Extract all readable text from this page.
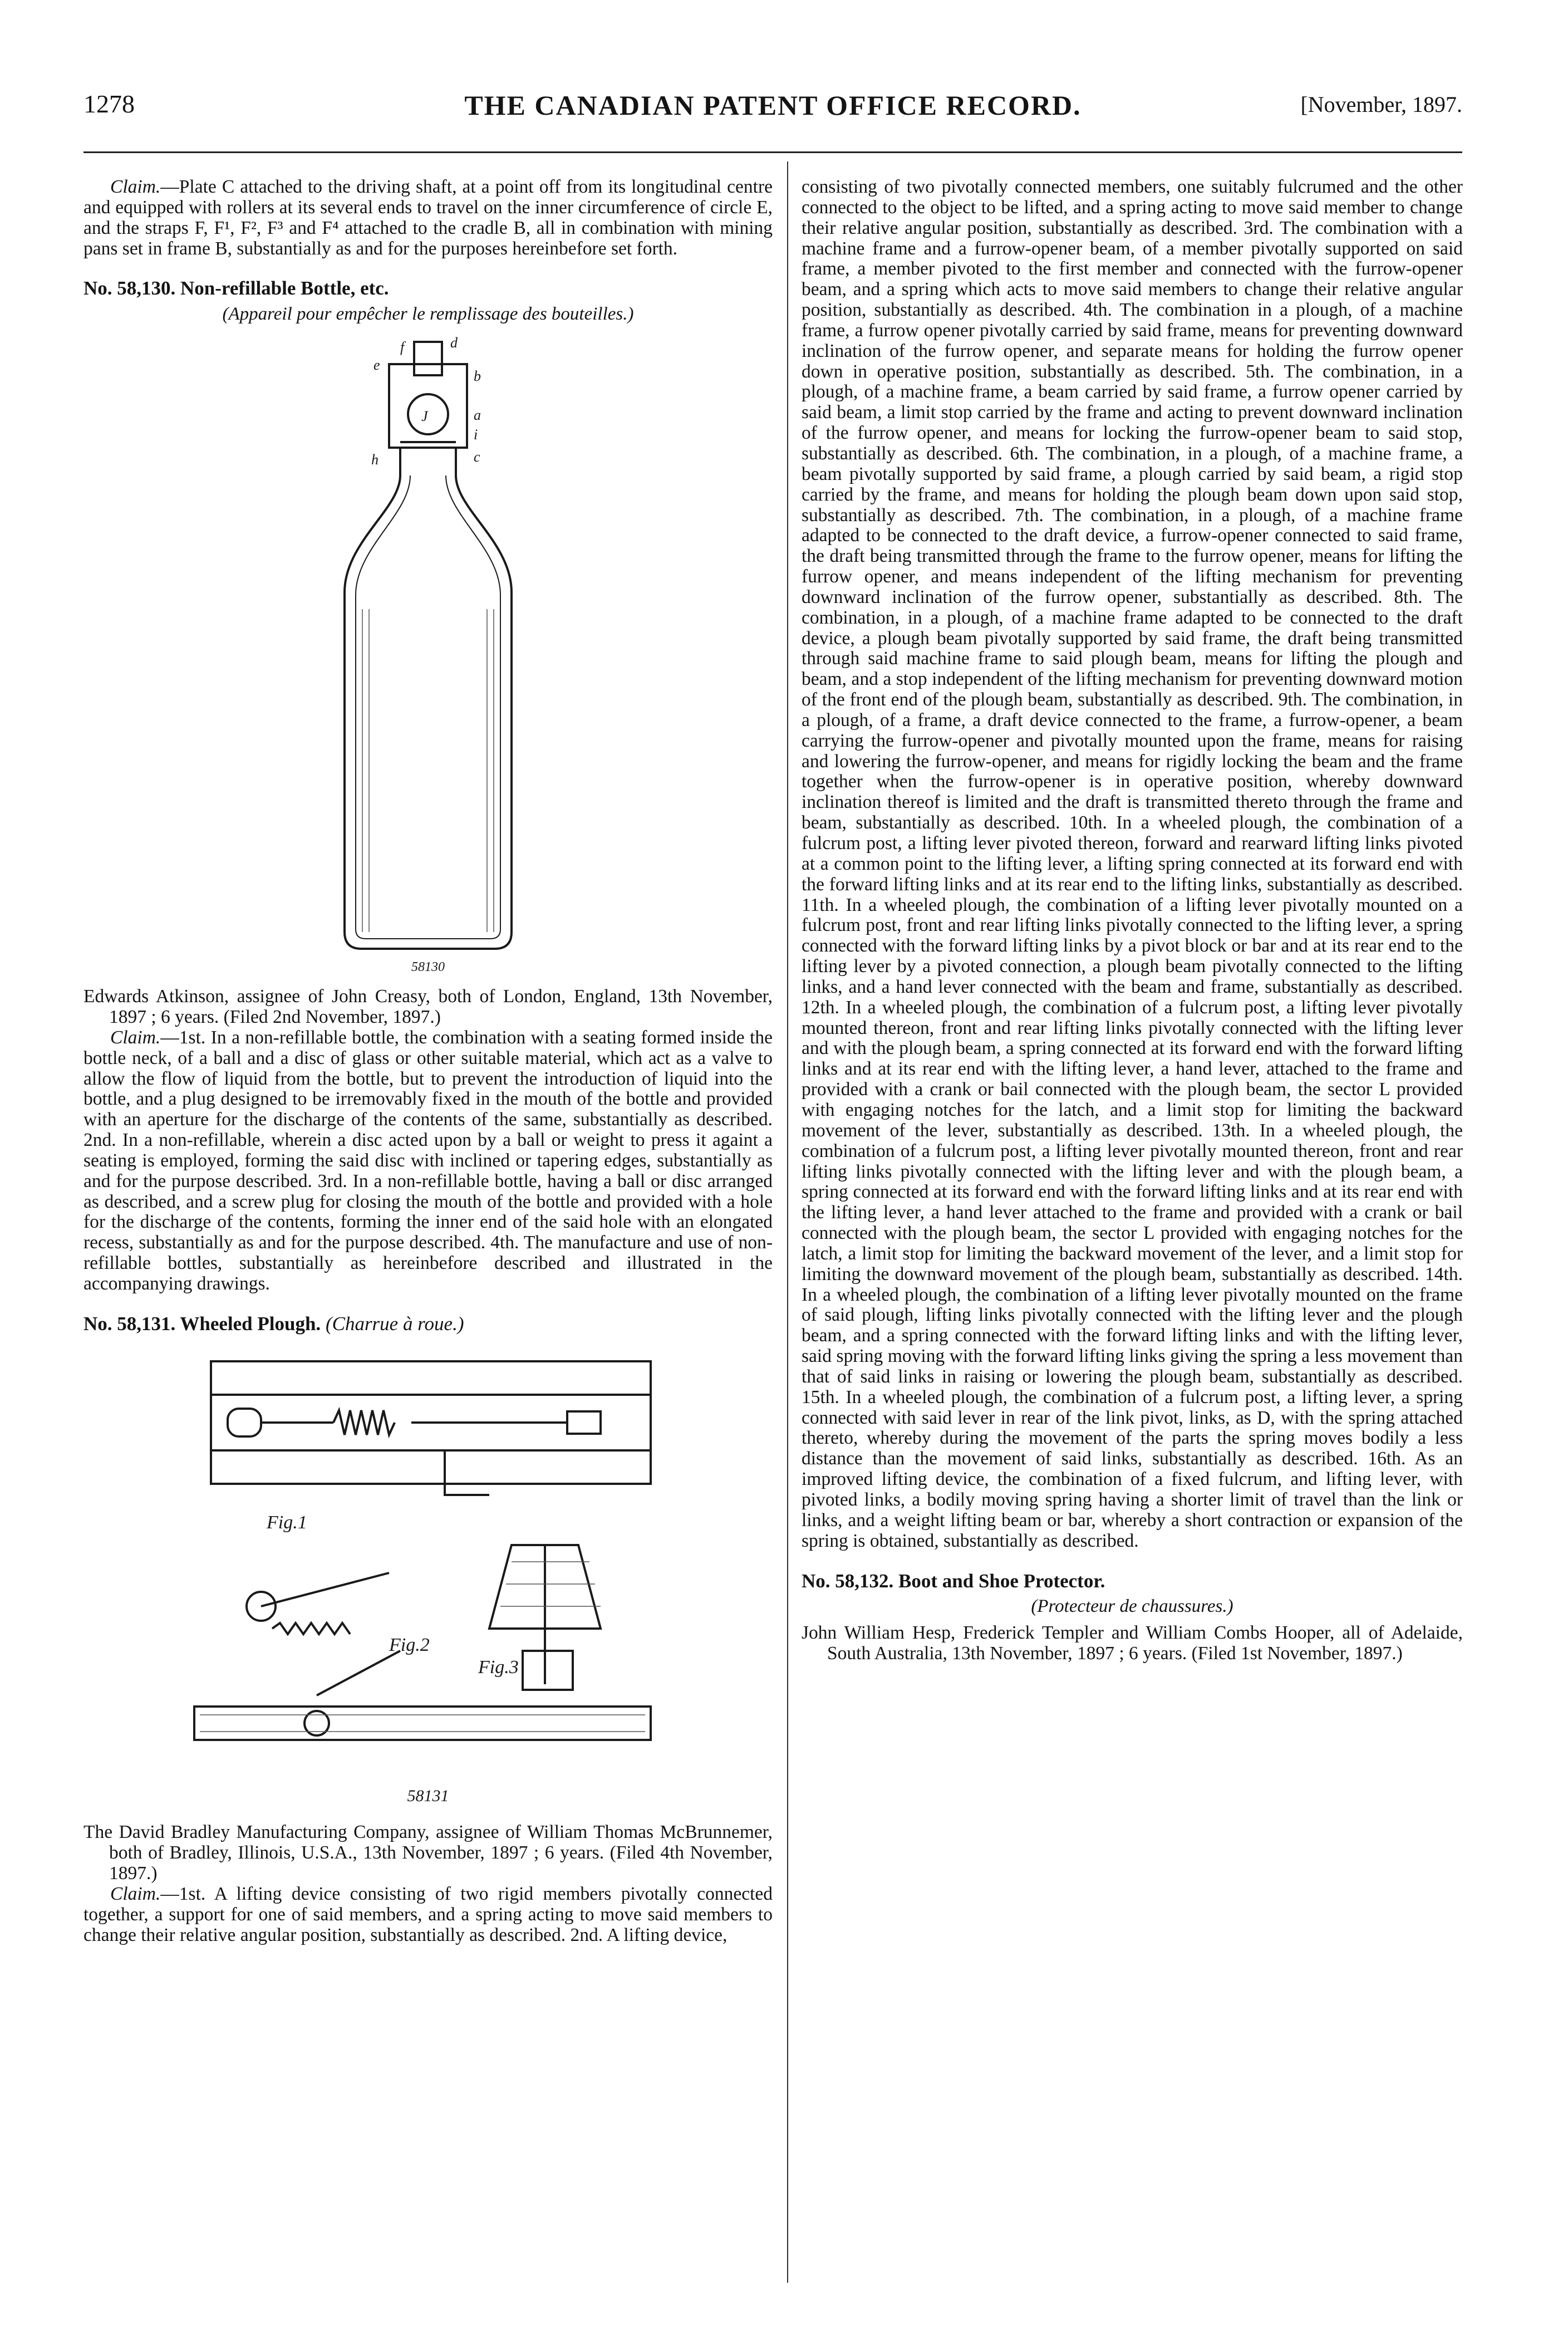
1278	THE CANADIAN PATENT OFFICE RECORD.	[November, 1897.

Claim.—Plate C attached to the driving shaft, at a point off from its longitudinal centre and equipped with rollers at its several ends to travel on the inner circumference of circle E, and the straps F, F¹, F², F³ and F⁴ attached to the cradle B, all in combination with mining pans set in frame B, substantially as and for the purposes hereinbefore set forth.

No. 58,130. Non-refillable Bottle, etc.

(Appareil pour empêcher le remplissage des bouteilles.)

e
f	d
b
J	a
i
h	c
58130

Edwards Atkinson, assignee of John Creasy, both of London, England, 13th November, 1897 ; 6 years. (Filed 2nd November, 1897.)

Claim.—1st. In a non-refillable bottle, the combination with a seating formed inside the bottle neck, of a ball and a disc of glass or other suitable material, which act as a valve to allow the flow of liquid from the bottle, but to prevent the introduction of liquid into the bottle, and a plug designed to be irremovably fixed in the mouth of the bottle and provided with an aperture for the discharge of the contents of the same, substantially as described. 2nd. In a non-refillable, wherein a disc acted upon by a ball or weight to press it againt a seating is employed, forming the said disc with inclined or tapering edges, substantially as and for the purpose described. 3rd. In a non-refillable bottle, having a ball or disc arranged as described, and a screw plug for closing the mouth of the bottle and provided with a hole for the discharge of the contents, forming the inner end of the said hole with an elongated recess, substantially as and for the purpose described. 4th. The manufacture and use of non-refillable bottles, substantially as hereinbefore described and illustrated in the accompanying drawings.

No. 58,131. Wheeled Plough. (Charrue à roue.)

Fig.1
Fig.2
Fig.3
58131

The David Bradley Manufacturing Company, assignee of William Thomas McBrunnemer, both of Bradley, Illinois, U.S.A., 13th November, 1897 ; 6 years. (Filed 4th November, 1897.)

Claim.—1st. A lifting device consisting of two rigid members pivotally connected together, a support for one of said members, and a spring acting to move said members to change their relative angular position, substantially as described. 2nd. A lifting device,

consisting of two pivotally connected members, one suitably fulcrumed and the other connected to the object to be lifted, and a spring acting to move said member to change their relative angular position, substantially as described. 3rd. The combination with a machine frame and a furrow-opener beam, of a member pivotally supported on said frame, a member pivoted to the first member and connected with the furrow-opener beam, and a spring which acts to move said members to change their relative angular position, substantially as described. 4th. The combination in a plough, of a machine frame, a furrow opener pivotally carried by said frame, means for preventing downward inclination of the furrow opener, and separate means for holding the furrow opener down in operative position, substantially as described. 5th. The combination, in a plough, of a machine frame, a beam carried by said frame, a furrow opener carried by said beam, a limit stop carried by the frame and acting to prevent downward inclination of the furrow opener, and means for locking the furrow-opener beam to said stop, substantially as described. 6th. The combination, in a plough, of a machine frame, a beam pivotally supported by said frame, a plough carried by said beam, a rigid stop carried by the frame, and means for holding the plough beam down upon said stop, substantially as described. 7th. The combination, in a plough, of a machine frame adapted to be connected to the draft device, a furrow-opener connected to said frame, the draft being transmitted through the frame to the furrow opener, means for lifting the furrow opener, and means independent of the lifting mechanism for preventing downward inclination of the furrow opener, substantially as described. 8th. The combination, in a plough, of a machine frame adapted to be connected to the draft device, a plough beam pivotally supported by said frame, the draft being transmitted through said machine frame to said plough beam, means for lifting the plough and beam, and a stop independent of the lifting mechanism for preventing downward motion of the front end of the plough beam, substantially as described. 9th. The combination, in a plough, of a frame, a draft device connected to the frame, a furrow-opener, a beam carrying the furrow-opener and pivotally mounted upon the frame, means for raising and lowering the furrow-opener, and means for rigidly locking the beam and the frame together when the furrow-opener is in operative position, whereby downward inclination thereof is limited and the draft is transmitted thereto through the frame and beam, substantially as described. 10th. In a wheeled plough, the combination of a fulcrum post, a lifting lever pivoted thereon, forward and rearward lifting links pivoted at a common point to the lifting lever, a lifting spring connected at its forward end with the forward lifting links and at its rear end to the lifting links, substantially as described. 11th. In a wheeled plough, the combination of a lifting lever pivotally mounted on a fulcrum post, front and rear lifting links pivotally connected to the lifting lever, a spring connected with the forward lifting links by a pivot block or bar and at its rear end to the lifting lever by a pivoted connection, a plough beam pivotally connected to the lifting links, and a hand lever connected with the beam and frame, substantially as described. 12th. In a wheeled plough, the combination of a fulcrum post, a lifting lever pivotally mounted thereon, front and rear lifting links pivotally connected with the lifting lever and with the plough beam, a spring connected at its forward end with the forward lifting links and at its rear end with the lifting lever, a hand lever, attached to the frame and provided with a crank or bail connected with the plough beam, the sector L provided with engaging notches for the latch, and a limit stop for limiting the backward movement of the lever, substantially as described. 13th. In a wheeled plough, the combination of a fulcrum post, a lifting lever pivotally mounted thereon, front and rear lifting links pivotally connected with the lifting lever and with the plough beam, a spring connected at its forward end with the forward lifting links and at its rear end with the lifting lever, a hand lever attached to the frame and provided with a crank or bail connected with the plough beam, the sector L provided with engaging notches for the latch, a limit stop for limiting the backward movement of the lever, and a limit stop for limiting the downward movement of the plough beam, substantially as described. 14th. In a wheeled plough, the combination of a lifting lever pivotally mounted on the frame of said plough, lifting links pivotally connected with the lifting lever and the plough beam, and a spring connected with the forward lifting links and with the lifting lever, said spring moving with the forward lifting links giving the spring a less movement than that of said links in raising or lowering the plough beam, substantially as described. 15th. In a wheeled plough, the combination of a fulcrum post, a lifting lever, a spring connected with said lever in rear of the link pivot, links, as D, with the spring attached thereto, whereby during the movement of the parts the spring moves bodily a less distance than the movement of said links, substantially as described. 16th. As an improved lifting device, the combination of a fixed fulcrum, and lifting lever, with pivoted links, a bodily moving spring having a shorter limit of travel than the link or links, and a weight lifting beam or bar, whereby a short contraction or expansion of the spring is obtained, substantially as described.

No. 58,132. Boot and Shoe Protector.

(Protecteur de chaussures.)

John William Hesp, Frederick Templer and William Combs Hooper, all of Adelaide, South Australia, 13th November, 1897 ; 6 years. (Filed 1st November, 1897.)
